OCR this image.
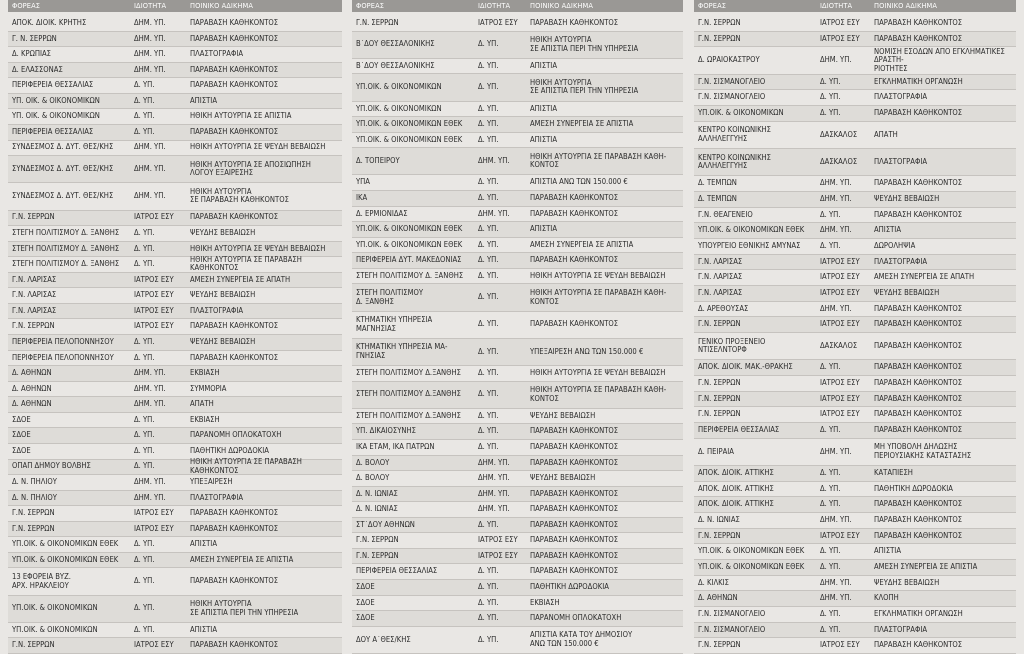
ΦΟΡΕΑΣ	ΙΔΙΟΤΗΤΑ	ΠΟΙΝΙΚΟ ΑΔΙΚΗΜΑ
ΑΠΟΚ. ΔΙΟΙΚ. ΚΡΗΤΗΣ	ΔΗΜ. ΥΠ.	ΠΑΡΑΒΑΣΗ ΚΑΘΗΚΟΝΤΟΣ
Γ. Ν. ΣΕΡΡΩΝ	ΔΗΜ. ΥΠ.	ΠΑΡΑΒΑΣΗ ΚΑΘΗΚΟΝΤΟΣ
Δ. ΚΡΩΠΙΑΣ	ΔΗΜ. ΥΠ.	ΠΛΑΣΤΟΓΡΑΦΙΑ
Δ. ΕΛΑΣΣΟΝΑΣ	ΔΗΜ. ΥΠ.	ΠΑΡΑΒΑΣΗ ΚΑΘΗΚΟΝΤΟΣ
ΠΕΡΙΦΕΡΕΙΑ ΘΕΣΣΑΛΙΑΣ	Δ. ΥΠ.	ΠΑΡΑΒΑΣΗ ΚΑΘΗΚΟΝΤΟΣ
ΥΠ. ΟΙΚ. & ΟΙΚΟΝΟΜΙΚΩΝ	Δ. ΥΠ.	ΑΠΙΣΤΙΑ
ΥΠ. ΟΙΚ. & ΟΙΚΟΝΟΜΙΚΩΝ	Δ. ΥΠ.	ΗΘΙΚΗ ΑΥΤΟΥΡΓΙΑ ΣΕ ΑΠΙΣΤΙΑ
ΠΕΡΙΦΕΡΕΙΑ ΘΕΣΣΑΛΙΑΣ	Δ. ΥΠ.	ΠΑΡΑΒΑΣΗ ΚΑΘΗΚΟΝΤΟΣ
ΣΥΝΔΕΣΜΟΣ Δ. ΔΥΤ. ΘΕΣ/ΚΗΣ	ΔΗΜ. ΥΠ.	ΗΘΙΚΗ ΑΥΤΟΥΡΓΙΑ ΣΕ ΨΕΥΔΗ ΒΕΒΑΙΩΣΗ
ΣΥΝΔΕΣΜΟΣ Δ. ΔΥΤ. ΘΕΣ/ΚΗΣ	ΔΗΜ. ΥΠ.	ΗΘΙΚΗ ΑΥΤΟΥΡΓΙΑ ΣΕ ΑΠΟΣΙΩΠΗΣΗ
ΛΟΓΟΥ ΕΞΑΙΡΕΣΗΣ
ΣΥΝΔΕΣΜΟΣ Δ. ΔΥΤ. ΘΕΣ/ΚΗΣ	ΔΗΜ. ΥΠ.	ΗΘΙΚΗ ΑΥΤΟΥΡΓΙΑ
ΣΕ ΠΑΡΑΒΑΣΗ ΚΑΘΗΚΟΝΤΟΣ
Γ.Ν. ΣΕΡΡΩΝ	ΙΑΤΡΟΣ ΕΣΥ	ΠΑΡΑΒΑΣΗ ΚΑΘΗΚΟΝΤΟΣ
ΣΤΕΓΗ ΠΟΛΙΤΙΣΜΟΥ Δ. ΞΑΝΘΗΣ	Δ. ΥΠ.	ΨΕΥΔΗΣ ΒΕΒΑΙΩΣΗ
ΣΤΕΓΗ ΠΟΛΙΤΙΣΜΟΥ Δ. ΞΑΝΘΗΣ	Δ. ΥΠ.	ΗΘΙΚΗ ΑΥΤΟΥΡΓΙΑ ΣΕ ΨΕΥΔΗ ΒΕΒΑΙΩΣΗ
ΣΤΕΓΗ ΠΟΛΙΤΙΣΜΟΥ Δ. ΞΑΝΘΗΣ	Δ. ΥΠ.	ΗΘΙΚΗ ΑΥΤΟΥΡΓΙΑ ΣΕ ΠΑΡΑΒΑΣΗ ΚΑΘΗΚΟΝΤΟΣ
Γ.Ν. ΛΑΡΙΣΑΣ	ΙΑΤΡΟΣ ΕΣΥ	ΑΜΕΣΗ ΣΥΝΕΡΓΕΙΑ ΣΕ ΑΠΑΤΗ
Γ.Ν. ΛΑΡΙΣΑΣ	ΙΑΤΡΟΣ ΕΣΥ	ΨΕΥΔΗΣ ΒΕΒΑΙΩΣΗ
Γ.Ν. ΛΑΡΙΣΑΣ	ΙΑΤΡΟΣ ΕΣΥ	ΠΛΑΣΤΟΓΡΑΦΙΑ
Γ.Ν. ΣΕΡΡΩΝ	ΙΑΤΡΟΣ ΕΣΥ	ΠΑΡΑΒΑΣΗ ΚΑΘΗΚΟΝΤΟΣ
ΠΕΡΙΦΕΡΕΙΑ ΠΕΛΟΠΟΝΝΗΣΟΥ	Δ. ΥΠ.	ΨΕΥΔΗΣ ΒΕΒΑΙΩΣΗ
ΠΕΡΙΦΕΡΕΙΑ ΠΕΛΟΠΟΝΝΗΣΟΥ	Δ. ΥΠ.	ΠΑΡΑΒΑΣΗ ΚΑΘΗΚΟΝΤΟΣ
Δ. ΑΘΗΝΩΝ	ΔΗΜ. ΥΠ.	ΕΚΒΙΑΣΗ
Δ. ΑΘΗΝΩΝ	ΔΗΜ. ΥΠ.	ΣΥΜΜΟΡΙΑ
Δ. ΑΘΗΝΩΝ	ΔΗΜ. ΥΠ.	ΑΠΑΤΗ
ΣΔΟΕ	Δ. ΥΠ.	ΕΚΒΙΑΣΗ
ΣΔΟΕ	Δ. ΥΠ.	ΠΑΡΑΝΟΜΗ ΟΠΛΟΚΑΤΟΧΗ
ΣΔΟΕ	Δ. ΥΠ.	ΠΑΘΗΤΙΚΗ ΔΩΡΟΔΟΚΙΑ
ΟΠΑΠ ΔΗΜΟΥ ΒΟΛΒΗΣ	Δ. ΥΠ.	ΗΘΙΚΗ ΑΥΤΟΥΡΓΙΑ ΣΕ ΠΑΡΑΒΑΣΗ ΚΑΘΗΚΟΝΤΟΣ
Δ. Ν. ΠΗΛΙΟΥ	ΔΗΜ. ΥΠ.	ΥΠΕΞΑΙΡΕΣΗ
Δ. Ν. ΠΗΛΙΟΥ	ΔΗΜ. ΥΠ.	ΠΛΑΣΤΟΓΡΑΦΙΑ
Γ.Ν. ΣΕΡΡΩΝ	ΙΑΤΡΟΣ ΕΣΥ	ΠΑΡΑΒΑΣΗ ΚΑΘΗΚΟΝΤΟΣ
Γ.Ν. ΣΕΡΡΩΝ	ΙΑΤΡΟΣ ΕΣΥ	ΠΑΡΑΒΑΣΗ ΚΑΘΗΚΟΝΤΟΣ
ΥΠ.ΟΙΚ. & ΟΙΚΟΝΟΜΙΚΩΝ ΕΘΕΚ	Δ. ΥΠ.	ΑΠΙΣΤΙΑ
ΥΠ.ΟΙΚ. & ΟΙΚΟΝΟΜΙΚΩΝ ΕΘΕΚ	Δ. ΥΠ.	ΑΜΕΣΗ ΣΥΝΕΡΓΕΙΑ ΣΕ ΑΠΙΣΤΙΑ
13 ΕΦΟΡΕΙΑ ΒΥΖ.
ΑΡΧ. ΗΡΑΚΛΕΙΟΥ	Δ. ΥΠ.	ΠΑΡΑΒΑΣΗ ΚΑΘΗΚΟΝΤΟΣ
ΥΠ.ΟΙΚ. & ΟΙΚΟΝΟΜΙΚΩΝ	Δ. ΥΠ.	ΗΘΙΚΗ ΑΥΤΟΥΡΓΙΑ
ΣΕ ΑΠΙΣΤΙΑ ΠΕΡΙ ΤΗΝ ΥΠΗΡΕΣΙΑ
ΥΠ.ΟΙΚ. & ΟΙΚΟΝΟΜΙΚΩΝ	Δ. ΥΠ.	ΑΠΙΣΤΙΑ
Γ.Ν. ΣΕΡΡΩΝ	ΙΑΤΡΟΣ ΕΣΥ	ΠΑΡΑΒΑΣΗ ΚΑΘΗΚΟΝΤΟΣ
ΦΟΡΕΑΣ	ΙΔΙΟΤΗΤΑ	ΠΟΙΝΙΚΟ ΑΔΙΚΗΜΑ
Γ.Ν. ΣΕΡΡΩΝ	ΙΑΤΡΟΣ ΕΣΥ	ΠΑΡΑΒΑΣΗ ΚΑΘΗΚΟΝΤΟΣ
Β΄ΔΟΥ ΘΕΣΣΑΛΟΝΙΚΗΣ	Δ. ΥΠ.	ΗΘΙΚΗ ΑΥΤΟΥΡΓΙΑ
ΣΕ ΑΠΙΣΤΙΑ ΠΕΡΙ ΤΗΝ ΥΠΗΡΕΣΙΑ
Β΄ΔΟΥ ΘΕΣΣΑΛΟΝΙΚΗΣ	Δ. ΥΠ.	ΑΠΙΣΤΙΑ
ΥΠ.ΟΙΚ. & ΟΙΚΟΝΟΜΙΚΩΝ	Δ. ΥΠ.	ΗΘΙΚΗ ΑΥΤΟΥΡΓΙΑ
ΣΕ ΑΠΙΣΤΙΑ ΠΕΡΙ ΤΗΝ ΥΠΗΡΕΣΙΑ
ΥΠ.ΟΙΚ. & ΟΙΚΟΝΟΜΙΚΩΝ	Δ. ΥΠ.	ΑΠΙΣΤΙΑ
ΥΠ.ΟΙΚ. & ΟΙΚΟΝΟΜΙΚΩΝ ΕΘΕΚ	Δ. ΥΠ.	ΑΜΕΣΗ ΣΥΝΕΡΓΕΙΑ ΣΕ ΑΠΙΣΤΙΑ
ΥΠ.ΟΙΚ. & ΟΙΚΟΝΟΜΙΚΩΝ ΕΘΕΚ	Δ. ΥΠ.	ΑΠΙΣΤΙΑ
Δ. ΤΟΠΕΙΡΟΥ	ΔΗΜ. ΥΠ.	ΗΘΙΚΗ ΑΥΤΟΥΡΓΙΑ ΣΕ ΠΑΡΑΒΑΣΗ ΚΑΘΗ-
ΚΟΝΤΟΣ
ΥΠΑ	Δ. ΥΠ.	ΑΠΙΣΤΙΑ ΑΝΩ ΤΩΝ 150.000 €
ΙΚΑ	Δ. ΥΠ.	ΠΑΡΑΒΑΣΗ ΚΑΘΗΚΟΝΤΟΣ
Δ. ΕΡΜΙΟΝΙΔΑΣ	ΔΗΜ. ΥΠ.	ΠΑΡΑΒΑΣΗ ΚΑΘΗΚΟΝΤΟΣ
ΥΠ.ΟΙΚ. & ΟΙΚΟΝΟΜΙΚΩΝ ΕΘΕΚ	Δ. ΥΠ.	ΑΠΙΣΤΙΑ
ΥΠ.ΟΙΚ. & ΟΙΚΟΝΟΜΙΚΩΝ ΕΘΕΚ	Δ. ΥΠ.	ΑΜΕΣΗ ΣΥΝΕΡΓΕΙΑ ΣΕ ΑΠΙΣΤΙΑ
ΠΕΡΙΦΕΡΕΙΑ ΔΥΤ. ΜΑΚΕΔΟΝΙΑΣ	Δ. ΥΠ.	ΠΑΡΑΒΑΣΗ ΚΑΘΗΚΟΝΤΟΣ
ΣΤΕΓΗ ΠΟΛΙΤΙΣΜΟΥ Δ. ΞΑΝΘΗΣ	Δ. ΥΠ.	ΗΘΙΚΗ ΑΥΤΟΥΡΓΙΑ ΣΕ ΨΕΥΔΗ ΒΕΒΑΙΩΣΗ
ΣΤΕΓΗ ΠΟΛΙΤΙΣΜΟΥ
Δ. ΞΑΝΘΗΣ	Δ. ΥΠ.	ΗΘΙΚΗ ΑΥΤΟΥΡΓΙΑ ΣΕ ΠΑΡΑΒΑΣΗ ΚΑΘΗ-
ΚΟΝΤΟΣ
ΚΤΗΜΑΤΙΚΗ ΥΠΗΡΕΣΙΑ
ΜΑΓΝΗΣΙΑΣ	Δ. ΥΠ.	ΠΑΡΑΒΑΣΗ ΚΑΘΗΚΟΝΤΟΣ
ΚΤΗΜΑΤΙΚΗ ΥΠΗΡΕΣΙΑ ΜΑ-
ΓΝΗΣΙΑΣ	Δ. ΥΠ.	ΥΠΕΞΑΙΡΕΣΗ ΑΝΩ ΤΩΝ 150.000 €
ΣΤΕΓΗ ΠΟΛΙΤΙΣΜΟΥ Δ.ΞΑΝΘΗΣ	Δ. ΥΠ.	ΗΘΙΚΗ ΑΥΤΟΥΡΓΙΑ ΣΕ ΨΕΥΔΗ ΒΕΒΑΙΩΣΗ
ΣΤΕΓΗ ΠΟΛΙΤΙΣΜΟΥ Δ.ΞΑΝΘΗΣ	Δ. ΥΠ.	ΗΘΙΚΗ ΑΥΤΟΥΡΓΙΑ ΣΕ ΠΑΡΑΒΑΣΗ ΚΑΘΗ-
ΚΟΝΤΟΣ
ΣΤΕΓΗ ΠΟΛΙΤΙΣΜΟΥ Δ.ΞΑΝΘΗΣ	Δ. ΥΠ.	ΨΕΥΔΗΣ ΒΕΒΑΙΩΣΗ
ΥΠ. ΔΙΚΑΙΟΣΥΝΗΣ	Δ. ΥΠ.	ΠΑΡΑΒΑΣΗ ΚΑΘΗΚΟΝΤΟΣ
ΙΚΑ ΕΤΑΜ, ΙΚΑ ΠΑΤΡΩΝ	Δ. ΥΠ.	ΠΑΡΑΒΑΣΗ ΚΑΘΗΚΟΝΤΟΣ
Δ. ΒΟΛΟΥ	ΔΗΜ. ΥΠ.	ΠΑΡΑΒΑΣΗ ΚΑΘΗΚΟΝΤΟΣ
Δ. ΒΟΛΟΥ	ΔΗΜ. ΥΠ.	ΨΕΥΔΗΣ ΒΕΒΑΙΩΣΗ
Δ. Ν. ΙΩΝΙΑΣ	ΔΗΜ. ΥΠ.	ΠΑΡΑΒΑΣΗ ΚΑΘΗΚΟΝΤΟΣ
Δ. Ν. ΙΩΝΙΑΣ	ΔΗΜ. ΥΠ.	ΠΑΡΑΒΑΣΗ ΚΑΘΗΚΟΝΤΟΣ
ΣΤ΄ΔΟΥ ΑΘΗΝΩΝ	Δ. ΥΠ.	ΠΑΡΑΒΑΣΗ ΚΑΘΗΚΟΝΤΟΣ
Γ.Ν. ΣΕΡΡΩΝ	ΙΑΤΡΟΣ ΕΣΥ	ΠΑΡΑΒΑΣΗ ΚΑΘΗΚΟΝΤΟΣ
Γ.Ν. ΣΕΡΡΩΝ	ΙΑΤΡΟΣ ΕΣΥ	ΠΑΡΑΒΑΣΗ ΚΑΘΗΚΟΝΤΟΣ
ΠΕΡΙΦΕΡΕΙΑ ΘΕΣΣΑΛΙΑΣ	Δ. ΥΠ.	ΠΑΡΑΒΑΣΗ ΚΑΘΗΚΟΝΤΟΣ
ΣΔΟΕ	Δ. ΥΠ.	ΠΑΘΗΤΙΚΗ ΔΩΡΟΔΟΚΙΑ
ΣΔΟΕ	Δ. ΥΠ.	ΕΚΒΙΑΣΗ
ΣΔΟΕ	Δ. ΥΠ.	ΠΑΡΑΝΟΜΗ ΟΠΛΟΚΑΤΟΧΗ
ΔΟΥ Α΄ΘΕΣ/ΚΗΣ	Δ. ΥΠ.	ΑΠΙΣΤΙΑ ΚΑΤΑ ΤΟΥ ΔΗΜΟΣΙΟΥ
ΑΝΩ ΤΩΝ 150.000 €
ΦΟΡΕΑΣ	ΙΔΙΟΤΗΤΑ	ΠΟΙΝΙΚΟ ΑΔΙΚΗΜΑ
Γ.Ν. ΣΕΡΡΩΝ	ΙΑΤΡΟΣ ΕΣΥ	ΠΑΡΑΒΑΣΗ ΚΑΘΗΚΟΝΤΟΣ
Γ.Ν. ΣΕΡΡΩΝ	ΙΑΤΡΟΣ ΕΣΥ	ΠΑΡΑΒΑΣΗ ΚΑΘΗΚΟΝΤΟΣ
Δ. ΩΡΑΙΟΚΑΣΤΡΟΥ	ΔΗΜ. ΥΠ.
ΝΟΜΙΣΗ ΕΣΟΔΩΝ ΑΠΟ ΕΓΚΛΗΜΑΤΙΚΕΣ ΔΡΑΣΤΗ-
ΡΙΟΤΗΤΕΣ
Γ.Ν. ΣΙΣΜΑΝΟΓΛΕΙΟ	Δ. ΥΠ.	ΕΓΚΛΗΜΑΤΙΚΗ ΟΡΓΑΝΩΣΗ
Γ.Ν. ΣΙΣΜΑΝΟΓΛΕΙΟ	Δ. ΥΠ.	ΠΛΑΣΤΟΓΡΑΦΙΑ
ΥΠ.ΟΙΚ. & ΟΙΚΟΝΟΜΙΚΩΝ	Δ. ΥΠ.	ΠΑΡΑΒΑΣΗ ΚΑΘΗΚΟΝΤΟΣ
ΚΕΝΤΡΟ ΚΟΙΝΩΝΙΚΗΣ
ΑΛΛΗΛΕΓΓΥΗΣ	ΔΑΣΚΑΛΟΣ	ΑΠΑΤΗ
ΚΕΝΤΡΟ ΚΟΙΝΩΝΙΚΗΣ
ΑΛΛΗΛΕΓΓΥΗΣ	ΔΑΣΚΑΛΟΣ	ΠΛΑΣΤΟΓΡΑΦΙΑ
Δ. ΤΕΜΠΩΝ	ΔΗΜ. ΥΠ.	ΠΑΡΑΒΑΣΗ ΚΑΘΗΚΟΝΤΟΣ
Δ. ΤΕΜΠΩΝ	ΔΗΜ. ΥΠ.	ΨΕΥΔΗΣ ΒΕΒΑΙΩΣΗ
Γ.Ν. ΘΕΑΓΕΝΕΙΟ	Δ. ΥΠ.	ΠΑΡΑΒΑΣΗ ΚΑΘΗΚΟΝΤΟΣ
ΥΠ.ΟΙΚ. & ΟΙΚΟΝΟΜΙΚΩΝ ΕΘΕΚ	ΔΗΜ. ΥΠ.	ΑΠΙΣΤΙΑ
ΥΠΟΥΡΓΕΙΟ ΕΘΝΙΚΗΣ ΑΜΥΝΑΣ	Δ. ΥΠ.	ΔΩΡΟΛΗΨΙΑ
Γ.Ν. ΛΑΡΙΣΑΣ	ΙΑΤΡΟΣ ΕΣΥ	ΠΛΑΣΤΟΓΡΑΦΙΑ
Γ.Ν. ΛΑΡΙΣΑΣ	ΙΑΤΡΟΣ ΕΣΥ	ΑΜΕΣΗ ΣΥΝΕΡΓΕΙΑ ΣΕ ΑΠΑΤΗ
Γ.Ν. ΛΑΡΙΣΑΣ	ΙΑΤΡΟΣ ΕΣΥ	ΨΕΥΔΗΣ ΒΕΒΑΙΩΣΗ
Δ. ΑΡΕΘΟΥΣΑΣ	ΔΗΜ. ΥΠ.	ΠΑΡΑΒΑΣΗ ΚΑΘΗΚΟΝΤΟΣ
Γ.Ν. ΣΕΡΡΩΝ	ΙΑΤΡΟΣ ΕΣΥ	ΠΑΡΑΒΑΣΗ ΚΑΘΗΚΟΝΤΟΣ
ΓΕΝΙΚΟ ΠΡΟΞΕΝΕΙΟ
ΝΤΙΣΕΛΝΤΟΡΦ	ΔΑΣΚΑΛΟΣ	ΠΑΡΑΒΑΣΗ ΚΑΘΗΚΟΝΤΟΣ
ΑΠΟΚ. ΔΙΟΙΚ. ΜΑΚ.-ΘΡΑΚΗΣ	Δ. ΥΠ.	ΠΑΡΑΒΑΣΗ ΚΑΘΗΚΟΝΤΟΣ
Γ.Ν. ΣΕΡΡΩΝ	ΙΑΤΡΟΣ ΕΣΥ	ΠΑΡΑΒΑΣΗ ΚΑΘΗΚΟΝΤΟΣ
Γ.Ν. ΣΕΡΡΩΝ	ΙΑΤΡΟΣ ΕΣΥ	ΠΑΡΑΒΑΣΗ ΚΑΘΗΚΟΝΤΟΣ
Γ.Ν. ΣΕΡΡΩΝ	ΙΑΤΡΟΣ ΕΣΥ	ΠΑΡΑΒΑΣΗ ΚΑΘΗΚΟΝΤΟΣ
ΠΕΡΙΦΕΡΕΙΑ ΘΕΣΣΑΛΙΑΣ	Δ. ΥΠ.	ΠΑΡΑΒΑΣΗ ΚΑΘΗΚΟΝΤΟΣ
Δ. ΠΕΙΡΑΙΑ	ΔΗΜ. ΥΠ.	ΜΗ ΥΠΟΒΟΛΗ ΔΗΛΩΣΗΣ
ΠΕΡΙΟΥΣΙΑΚΗΣ ΚΑΤΑΣΤΑΣΗΣ
ΑΠΟΚ. ΔΙΟΙΚ. ΑΤΤΙΚΗΣ	Δ. ΥΠ.	ΚΑΤΑΠΙΕΣΗ
ΑΠΟΚ. ΔΙΟΙΚ. ΑΤΤΙΚΗΣ	Δ. ΥΠ.	ΠΑΘΗΤΙΚΗ ΔΩΡΟΔΟΚΙΑ
ΑΠΟΚ. ΔΙΟΙΚ. ΑΤΤΙΚΗΣ	Δ. ΥΠ.	ΠΑΡΑΒΑΣΗ ΚΑΘΗΚΟΝΤΟΣ
Δ. Ν. ΙΩΝΙΑΣ	ΔΗΜ. ΥΠ.	ΠΑΡΑΒΑΣΗ ΚΑΘΗΚΟΝΤΟΣ
Γ.Ν. ΣΕΡΡΩΝ	ΙΑΤΡΟΣ ΕΣΥ	ΠΑΡΑΒΑΣΗ ΚΑΘΗΚΟΝΤΟΣ
ΥΠ.ΟΙΚ. & ΟΙΚΟΝΟΜΙΚΩΝ ΕΘΕΚ	Δ. ΥΠ.	ΑΠΙΣΤΙΑ
ΥΠ.ΟΙΚ. & ΟΙΚΟΝΟΜΙΚΩΝ ΕΘΕΚ	Δ. ΥΠ.	ΑΜΕΣΗ ΣΥΝΕΡΓΕΙΑ ΣΕ ΑΠΙΣΤΙΑ
Δ. ΚΙΛΚΙΣ	ΔΗΜ. ΥΠ.	ΨΕΥΔΗΣ ΒΕΒΑΙΩΣΗ
Δ. ΑΘΗΝΩΝ	ΔΗΜ. ΥΠ.	ΚΛΟΠΗ
Γ.Ν. ΣΙΣΜΑΝΟΓΛΕΙΟ	Δ. ΥΠ.	ΕΓΚΛΗΜΑΤΙΚΗ ΟΡΓΑΝΩΣΗ
Γ.Ν. ΣΙΣΜΑΝΟΓΛΕΙΟ	Δ. ΥΠ.	ΠΛΑΣΤΟΓΡΑΦΙΑ
Γ.Ν. ΣΕΡΡΩΝ	ΙΑΤΡΟΣ ΕΣΥ	ΠΑΡΑΒΑΣΗ ΚΑΘΗΚΟΝΤΟΣ
